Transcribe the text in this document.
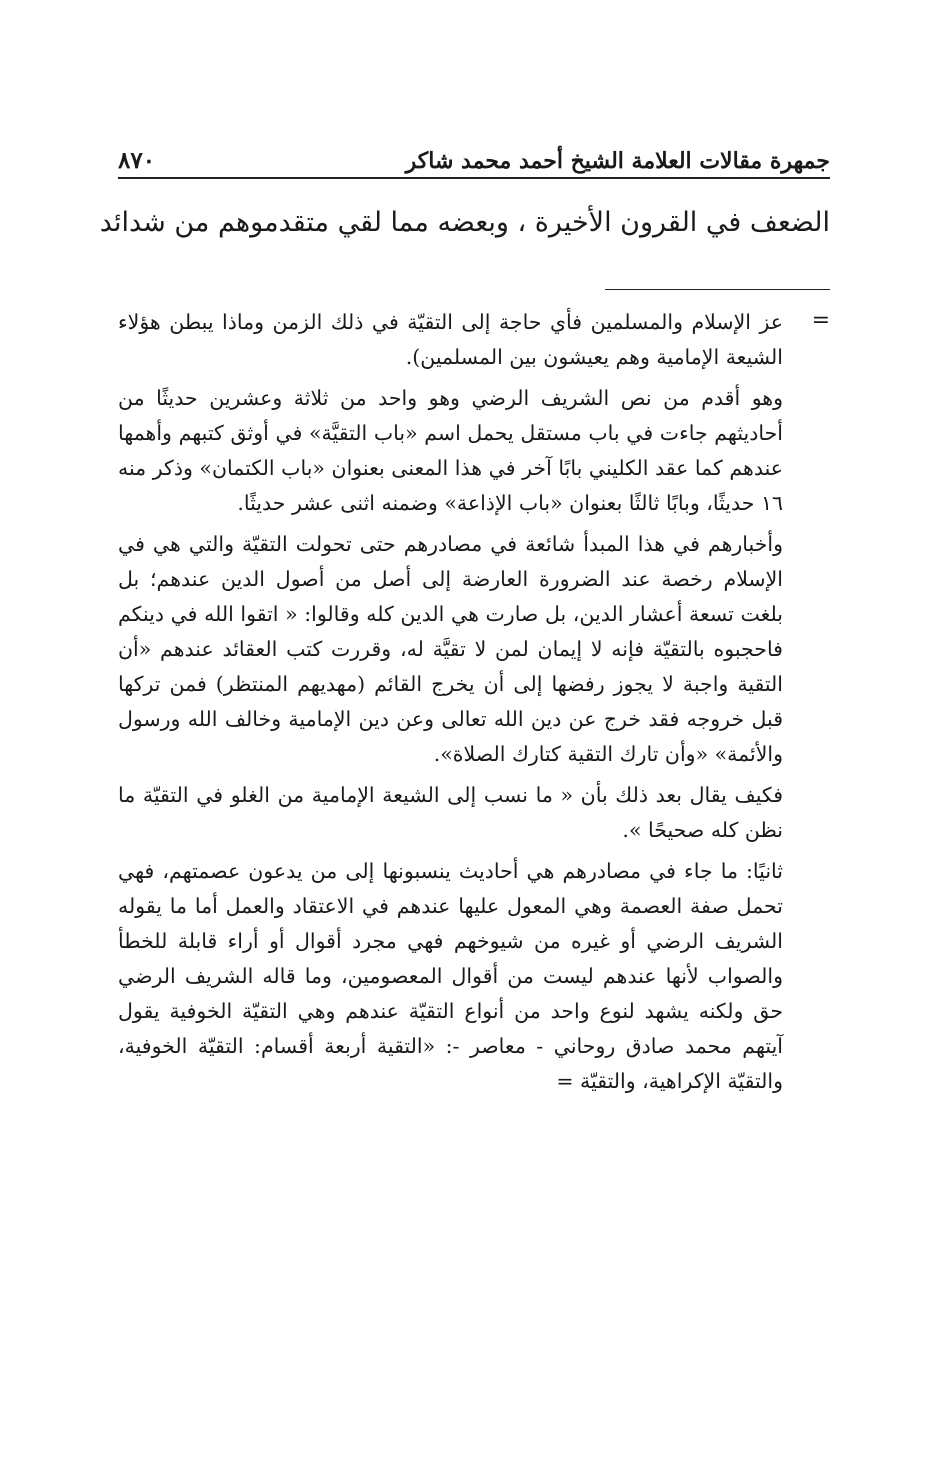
جمهرة مقالات العلامة الشيخ أحمد محمد شاكر
٨٧٠
الضعف في القرون الأخيرة ، وبعضه مما لقي متقدموهم من شدائد
=

عز الإسلام والمسلمين فأي حاجة إلى التقيّة في ذلك الزمن وماذا يبطن هؤلاء الشيعة الإمامية وهم يعيشون بين المسلمين).

وهو أقدم من نص الشريف الرضي وهو واحد من ثلاثة وعشرين حديثًا من أحاديثهم جاءت في باب مستقل يحمل اسم «باب التقيَّة» في أوثق كتبهم وأهمها عندهم كما عقد الكليني بابًا آخر في هذا المعنى بعنوان «باب الكتمان» وذكر منه ١٦ حديثًا، وبابًا ثالثًا بعنوان «باب الإذاعة» وضمنه اثنى عشر حديثًا.

وأخبارهم في هذا المبدأ شائعة في مصادرهم حتى تحولت التقيّة والتي هي في الإسلام رخصة عند الضرورة العارضة إلى أصل من أصول الدين عندهم؛ بل بلغت تسعة أعشار الدين، بل صارت هي الدين كله وقالوا: « اتقوا الله في دينكم فاحجبوه بالتقيّة فإنه لا إيمان لمن لا تقيَّة له، وقررت كتب العقائد عندهم «أن التقية واجبة لا يجوز رفضها إلى أن يخرج القائم (مهديهم المنتظر) فمن تركها قبل خروجه فقد خرج عن دين الله تعالى وعن دين الإمامية وخالف الله ورسول والأئمة» «وأن تارك التقية كتارك الصلاة».

فكيف يقال بعد ذلك بأن « ما نسب إلى الشيعة الإمامية من الغلو في التقيّة ما نظن كله صحيحًا ».

ثانيًا: ما جاء في مصادرهم هي أحاديث ينسبونها إلى من يدعون عصمتهم، فهي تحمل صفة العصمة وهي المعول عليها عندهم في الاعتقاد والعمل أما ما يقوله الشريف الرضي أو غيره من شيوخهم فهي مجرد أقوال أو أراء قابلة للخطأ والصواب لأنها عندهم ليست من أقوال المعصومين، وما قاله الشريف الرضي حق ولكنه يشهد لنوع واحد من أنواع التقيّة عندهم وهي التقيّة الخوفية يقول آيتهم محمد صادق روحاني - معاصر -: «التقية أربعة أقسام: التقيّة الخوفية، والتقيّة الإكراهية، والتقيّة =
